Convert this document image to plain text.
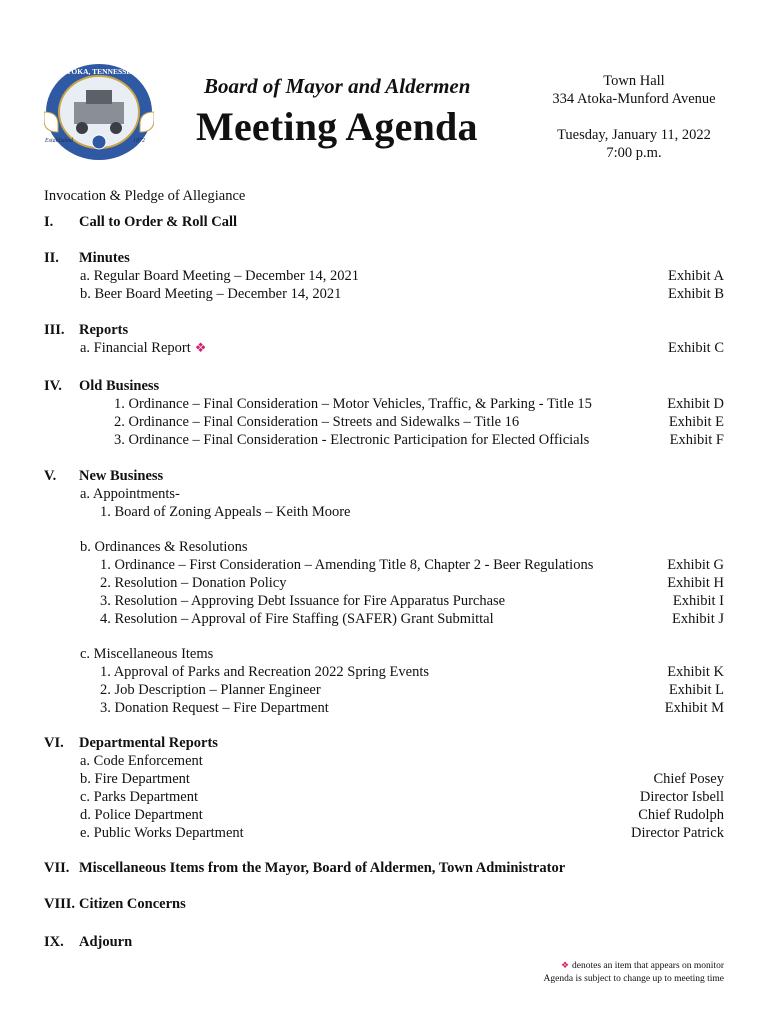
ATOKA, TENNESSEE
Established	1872
Board of Mayor and Aldermen
Meeting Agenda
Town Hall
334 Atoka-Munford Avenue
Tuesday, January 11, 2022
7:00 p.m.
Invocation & Pledge of Allegiance
I. Call to Order & Roll Call
II. Minutes
a. Regular Board Meeting – December 14, 2021	Exhibit A
b. Beer Board Meeting – December 14, 2021	Exhibit B
III. Reports
a. Financial Report ❖	Exhibit C
IV. Old Business
1. Ordinance – Final Consideration – Motor Vehicles, Traffic, & Parking - Title 15	Exhibit D
2. Ordinance – Final Consideration – Streets and Sidewalks – Title 16	Exhibit E
3. Ordinance – Final Consideration - Electronic Participation for Elected Officials	Exhibit F
V. New Business
a. Appointments-
1. Board of Zoning Appeals – Keith Moore
b. Ordinances & Resolutions
1. Ordinance – First Consideration – Amending Title 8, Chapter 2 - Beer Regulations	Exhibit G
2. Resolution – Donation Policy	Exhibit H
3. Resolution – Approving Debt Issuance for Fire Apparatus Purchase	Exhibit I
4. Resolution – Approval of Fire Staffing (SAFER) Grant Submittal	Exhibit J
c. Miscellaneous Items
1. Approval of Parks and Recreation 2022 Spring Events	Exhibit K
2. Job Description – Planner Engineer	Exhibit L
3. Donation Request – Fire Department	Exhibit M
VI. Departmental Reports
a. Code Enforcement
b. Fire Department	Chief Posey
c. Parks Department	Director Isbell
d. Police Department	Chief Rudolph
e. Public Works Department	Director Patrick
VII. Miscellaneous Items from the Mayor, Board of Aldermen, Town Administrator
VIII. Citizen Concerns
IX. Adjourn
❖ denotes an item that appears on monitor
Agenda is subject to change up to meeting time
